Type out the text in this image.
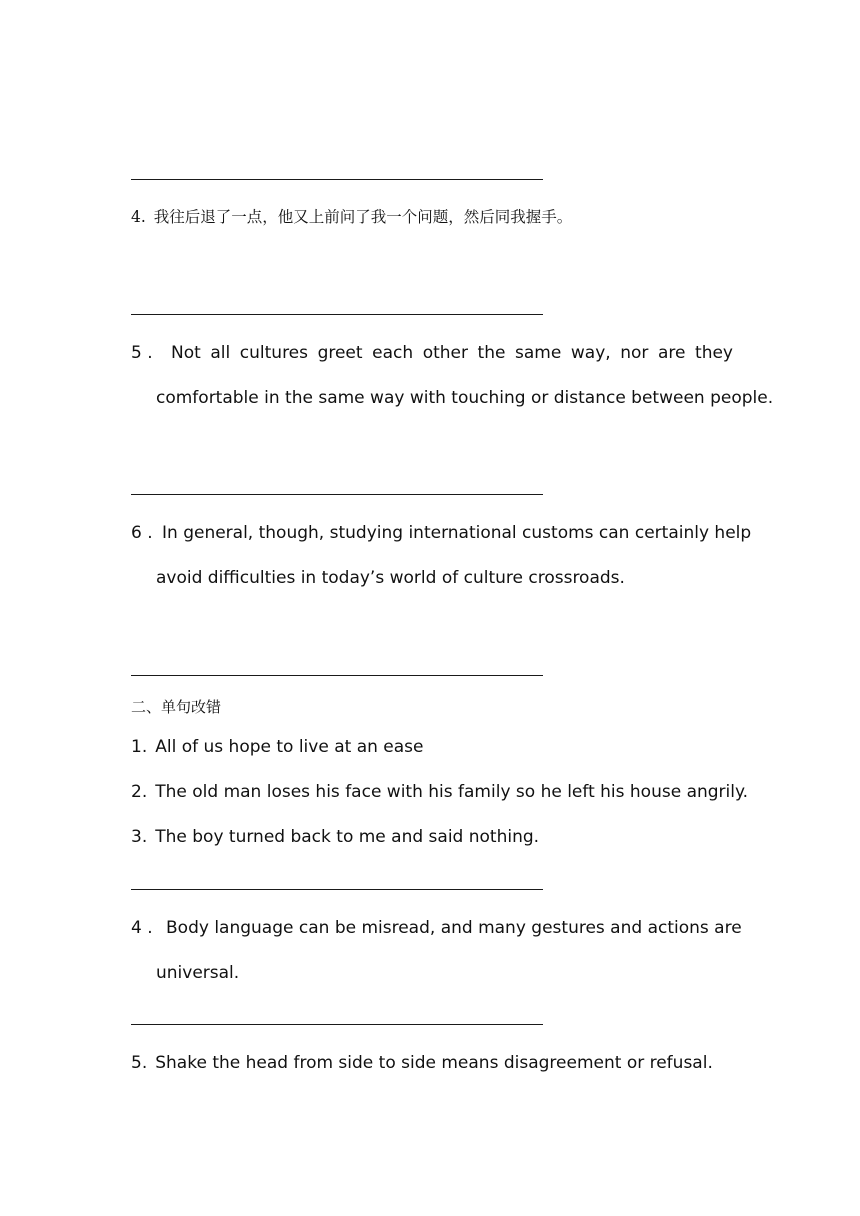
4. 我往后退了一点，他又上前问了我一个问题，然后同我握手。
5 . Not all cultures greet each other the same way, nor are they
comfortable in the same way with touching or distance between people.
6 . In general, though, studying international customs can certainly help
avoid difficulties in today’s world of culture crossroads.
二、单句改错
1. All of us hope to live at an ease
2. The old man loses his face with his family so he left his house angrily.
3. The boy turned back to me and said nothing.
4 . Body language can be misread, and many gestures and actions are
universal.
5. Shake the head from side to side means disagreement or refusal.
